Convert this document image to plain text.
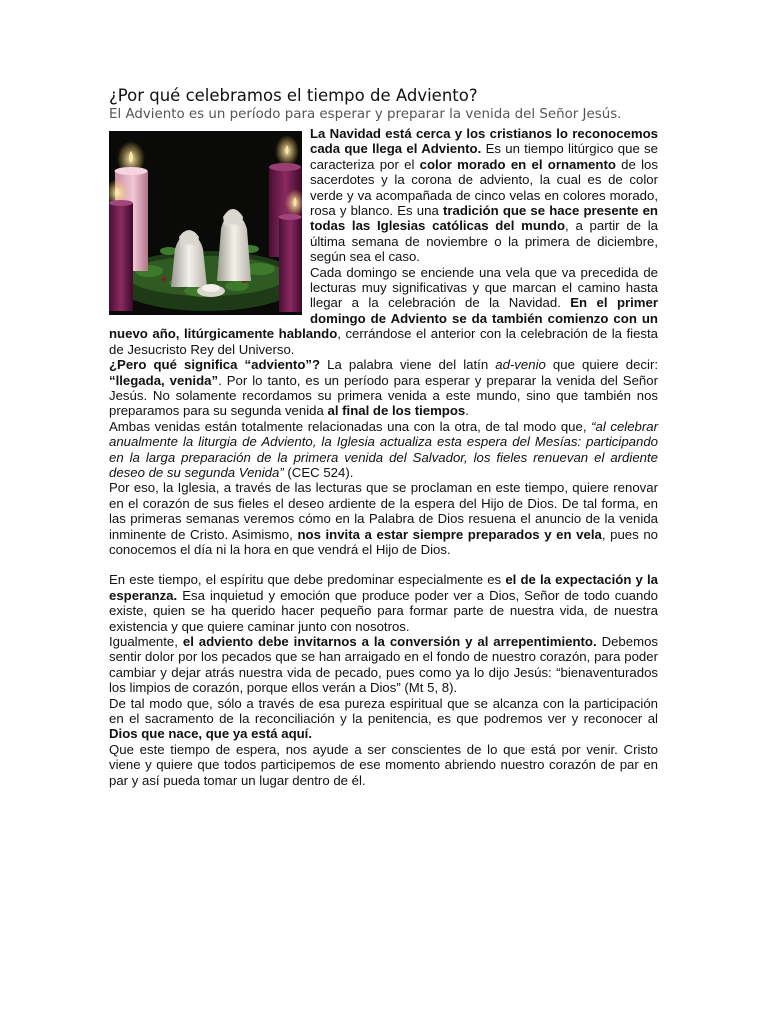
¿Por qué celebramos el tiempo de Adviento?
El Adviento es un período para esperar y preparar la venida del Señor Jesús.

La Navidad está cerca y los cristianos lo reconocemos cada que llega el Adviento. Es un tiempo litúrgico que se caracteriza por el color morado en el ornamento de los sacerdotes y la corona de adviento, la cual es de color verde y va acompañada de cinco velas en colores morado, rosa y blanco. Es una tradición que se hace presente en todas las Iglesias católicas del mundo, a partir de la última semana de noviembre o la primera de diciembre, según sea el caso.

Cada domingo se enciende una vela que va precedida de lecturas muy significativas y que marcan el camino hasta llegar a la celebración de la Navidad. En el primer domingo de Adviento se da también comienzo con un nuevo año, litúrgicamente hablando, cerrándose el anterior con la celebración de la fiesta de Jesucristo Rey del Universo.

¿Pero qué significa “adviento”? La palabra viene del latín ad-venio que quiere decir: “llegada, venida”. Por lo tanto, es un período para esperar y preparar la venida del Señor Jesús. No solamente recordamos su primera venida a este mundo, sino que también nos preparamos para su segunda venida al final de los tiempos.

Ambas venidas están totalmente relacionadas una con la otra, de tal modo que, “al celebrar anualmente la liturgia de Adviento, la Iglesia actualiza esta espera del Mesías: participando en la larga preparación de la primera venida del Salvador, los fieles renuevan el ardiente deseo de su segunda Venida” (CEC 524).

Por eso, la Iglesia, a través de las lecturas que se proclaman en este tiempo, quiere renovar en el corazón de sus fieles el deseo ardiente de la espera del Hijo de Dios. De tal forma, en las primeras semanas veremos cómo en la Palabra de Dios resuena el anuncio de la venida inminente de Cristo. Asimismo, nos invita a estar siempre preparados y en vela, pues no conocemos el día ni la hora en que vendrá el Hijo de Dios.

En este tiempo, el espíritu que debe predominar especialmente es el de la expectación y la esperanza. Esa inquietud y emoción que produce poder ver a Dios, Señor de todo cuando existe, quien se ha querido hacer pequeño para formar parte de nuestra vida, de nuestra existencia y que quiere caminar junto con nosotros.

Igualmente, el adviento debe invitarnos a la conversión y al arrepentimiento. Debemos sentir dolor por los pecados que se han arraigado en el fondo de nuestro corazón, para poder cambiar y dejar atrás nuestra vida de pecado, pues como ya lo dijo Jesús: “bienaventurados los limpios de corazón, porque ellos verán a Dios” (Mt 5, 8).

De tal modo que, sólo a través de esa pureza espiritual que se alcanza con la participación en el sacramento de la reconciliación y la penitencia, es que podremos ver y reconocer al Dios que nace, que ya está aquí.

Que este tiempo de espera, nos ayude a ser conscientes de lo que está por venir. Cristo viene y quiere que todos participemos de ese momento abriendo nuestro corazón de par en par y así pueda tomar un lugar dentro de él.
